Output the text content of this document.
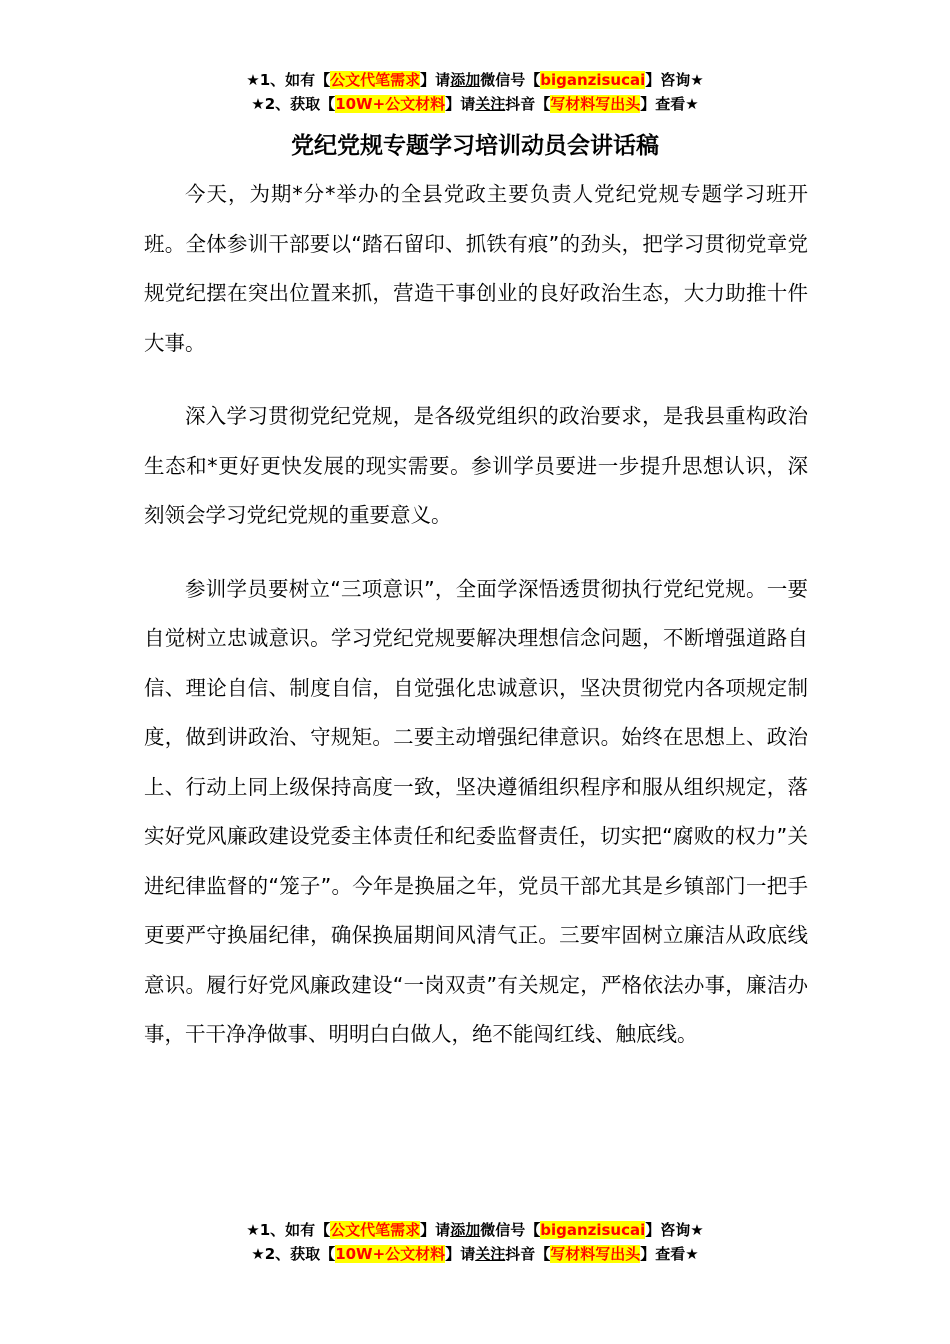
★1、如有【公文代笔需求】请添加微信号【biganzisucai】咨询★
★2、获取【10W+公文材料】请关注抖音【写材料写出头】查看★
党纪党规专题学习培训动员会讲话稿

今天，为期*分*举办的全县党政主要负责人党纪党规专题学习班开班。全体参训干部要以“踏石留印、抓铁有痕”的劲头，把学习贯彻党章党规党纪摆在突出位置来抓，营造干事创业的良好政治生态，大力助推十件大事。

深入学习贯彻党纪党规，是各级党组织的政治要求，是我县重构政治生态和*更好更快发展的现实需要。参训学员要进一步提升思想认识，深刻领会学习党纪党规的重要意义。

参训学员要树立“三项意识”，全面学深悟透贯彻执行党纪党规。一要自觉树立忠诚意识。学习党纪党规要解决理想信念问题，不断增强道路自信、理论自信、制度自信，自觉强化忠诚意识，坚决贯彻党内各项规定制度，做到讲政治、守规矩。二要主动增强纪律意识。始终在思想上、政治上、行动上同上级保持高度一致，坚决遵循组织程序和服从组织规定，落实好党风廉政建设党委主体责任和纪委监督责任，切实把“腐败的权力”关进纪律监督的“笼子”。今年是换届之年，党员干部尤其是乡镇部门一把手更要严守换届纪律，确保换届期间风清气正。三要牢固树立廉洁从政底线意识。履行好党风廉政建设“一岗双责”有关规定，严格依法办事，廉洁办事，干干净净做事、明明白白做人，绝不能闯红线、触底线。

★1、如有【公文代笔需求】请添加微信号【biganzisucai】咨询★
★2、获取【10W+公文材料】请关注抖音【写材料写出头】查看★
